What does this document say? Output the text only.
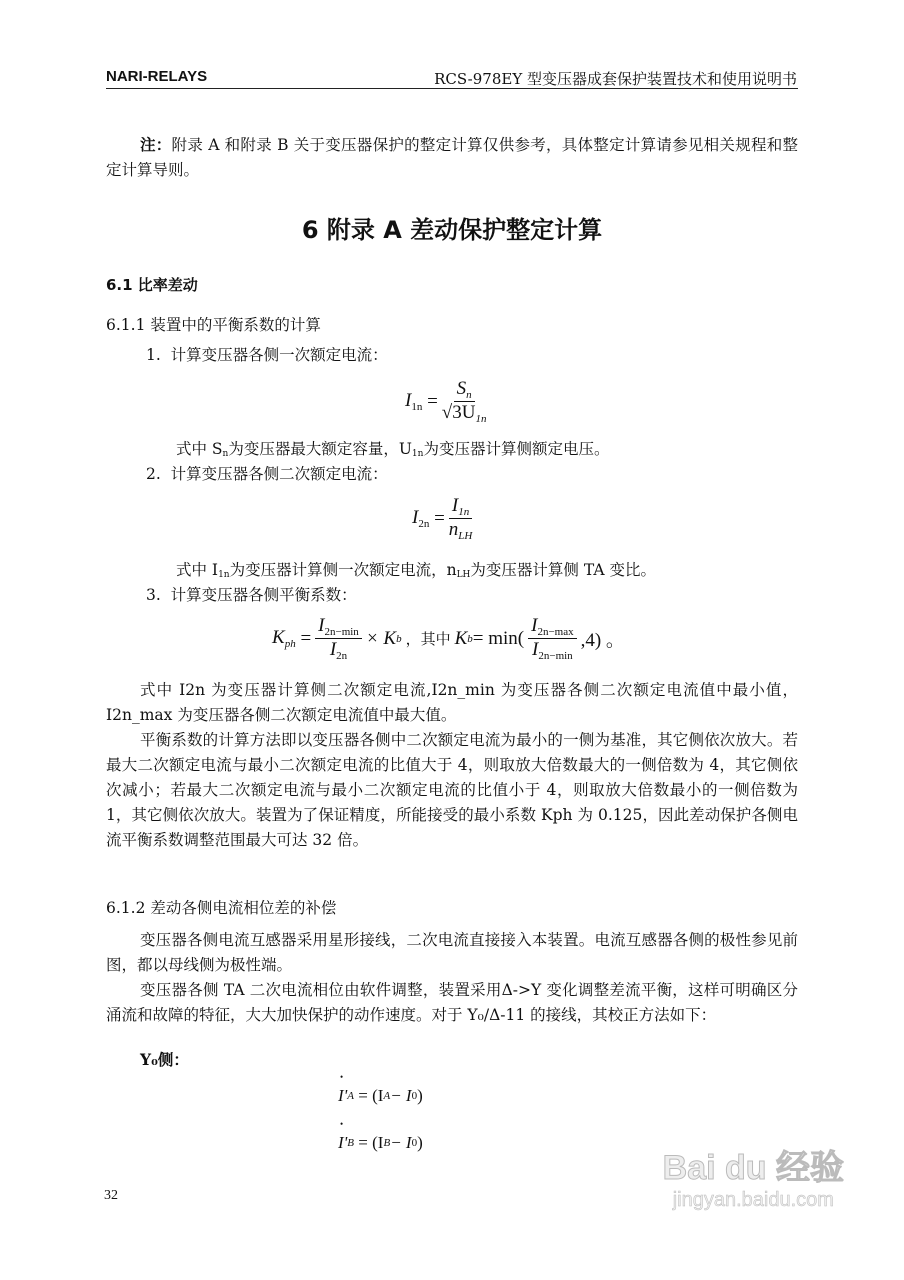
NARI-RELAYS	RCS-978EY 型变压器成套保护装置技术和使用说明书
注：附录 A 和附录 B 关于变压器保护的整定计算仅供参考，具体整定计算请参见相关规程和整定计算导则。
6 附录 A 差动保护整定计算
6.1 比率差动
6.1.1 装置中的平衡系数的计算
1. 计算变压器各侧一次额定电流：
$I_{1n} = \frac{S_n}{√3U_{1n}}$
式中 $S_n$为变压器最大额定容量，$U_{1n}$为变压器计算侧额定电压。
2. 计算变压器各侧二次额定电流：
$I_{2n} = \frac{I_{1n}}{n_{LH}}$
式中 $I_{1n}$为变压器计算侧一次额定电流，$n_{LH}$为变压器计算侧 TA 变比。
3. 计算变压器各侧平衡系数：
$K_{ph} = \frac{I_{2n-min}}{I_{2n}} \times K$ b ，其中 K $b = \min( \frac{I_{2n-max}}{I_{2n-min}} ,4)$ 。
式中 I2n 为变压器计算侧二次额定电流,I2n_min 为变压器各侧二次额定电流值中最小值，I2n_max 为变压器各侧二次额定电流值中最大值。
平衡系数的计算方法即以变压器各侧中二次额定电流为最小的一侧为基准，其它侧依次放大。若最大二次额定电流与最小二次额定电流的比值大于 4，则取放大倍数最大的一侧倍数为 4，其它侧依次减小；若最大二次额定电流与最小二次额定电流的比值小于 4，则取放大倍数最小的一侧倍数为 1，其它侧依次放大。装置为了保证精度，所能接受的最小系数 Kph 为 0.125，因此差动保护各侧电流平衡系数调整范围最大可达 32 倍。
6.1.2 差动各侧电流相位差的补偿
变压器各侧电流互感器采用星形接线，二次电流直接接入本装置。电流互感器各侧的极性参见前图，都以母线侧为极性端。
变压器各侧 TA 二次电流相位由软件调整，装置采用Δ->Y 变化调整差流平衡，这样可明确区分涌流和故障的特征，大大加快保护的动作速度。对于 Y₀/Δ-11 的接线，其校正方法如下：
Y₀侧：
• I' A
= (I A − I 0 )
• I' B
= (I B − I 0 )
32
Bai du 经验
jingyan.baidu.com
